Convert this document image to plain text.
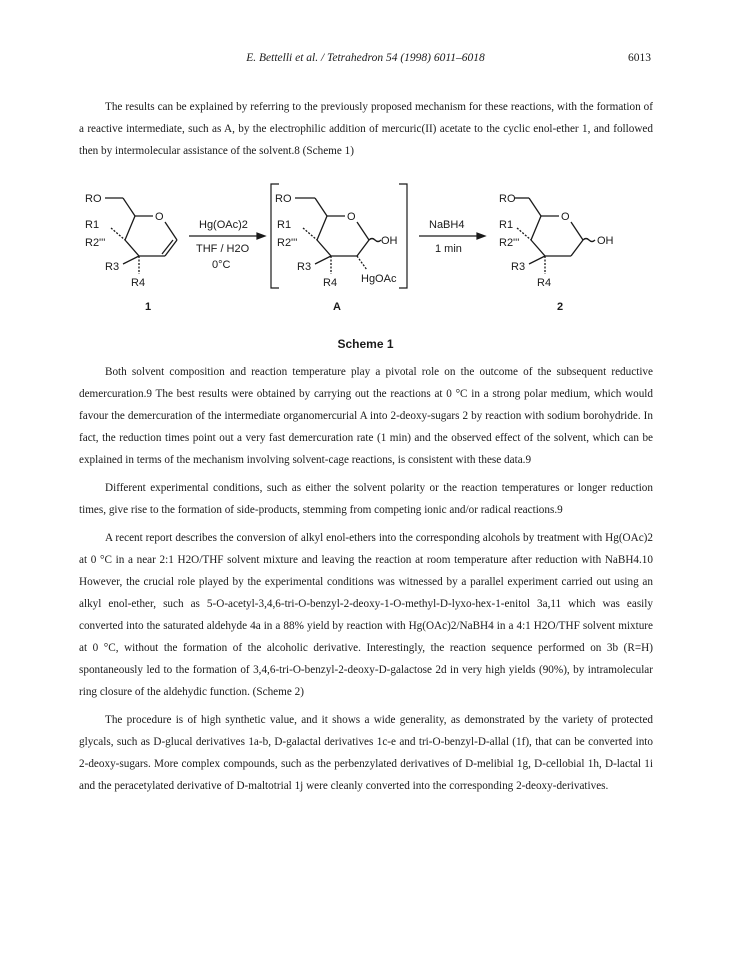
E. Bettelli et al. / Tetrahedron 54 (1998) 6011–6018	6013
The results can be explained by referring to the previously proposed mechanism for these reactions, with the formation of a reactive intermediate, such as A, by the electrophilic addition of mercuric(II) acetate to the cyclic enol-ether 1, and followed then by intermolecular assistance of the solvent.8 (Scheme 1)
RO
O
R1
R2'''
R3
R4
1
Hg(OAc)2
THF / H2O
0°C
RO
O
R1
R2'''
R3
R4
OH
HgOAc
A
NaBH4
1 min
RO
O
R1
R2'''
R3
R4
OH
2
Scheme 1

Both solvent composition and reaction temperature play a pivotal role on the outcome of the subsequent reductive demercuration.9 The best results were obtained by carrying out the reactions at 0 °C in a strong polar medium, which would favour the demercuration of the intermediate organomercurial A into 2-deoxy-sugars 2 by reaction with sodium borohydride. In fact, the reduction times point out a very fast demercuration rate (1 min) and the observed effect of the solvent, which can be explained in terms of the mechanism involving solvent-cage reactions, is consistent with these data.9

Different experimental conditions, such as either the solvent polarity or the reaction temperatures or longer reduction times, give rise to the formation of side-products, stemming from competing ionic and/or radical reactions.9

A recent report describes the conversion of alkyl enol-ethers into the corresponding alcohols by treatment with Hg(OAc)2 at 0 °C in a near 2:1 H2O/THF solvent mixture and leaving the reaction at room temperature after reduction with NaBH4.10 However, the crucial role played by the experimental conditions was witnessed by a parallel experiment carried out using an alkyl enol-ether, such as 5-O-acetyl-3,4,6-tri-O-benzyl-2-deoxy-1-O-methyl-D-lyxo-hex-1-enitol 3a,11 which was easily converted into the saturated aldehyde 4a in a 88% yield by reaction with Hg(OAc)2/NaBH4 in a 4:1 H2O/THF solvent mixture at 0 °C, without the formation of the alcoholic derivative. Interestingly, the reaction sequence performed on 3b (R=H) spontaneously led to the formation of 3,4,6-tri-O-benzyl-2-deoxy-D-galactose 2d in very high yields (90%), by intramolecular ring closure of the aldehydic function. (Scheme 2)

The procedure is of high synthetic value, and it shows a wide generality, as demonstrated by the variety of protected glycals, such as D-glucal derivatives 1a-b, D-galactal derivatives 1c-e and tri-O-benzyl-D-allal (1f), that can be converted into 2-deoxy-sugars. More complex compounds, such as the perbenzylated derivatives of D-melibial 1g, D-cellobial 1h, D-lactal 1i and the peracetylated derivative of D-maltotrial 1j were cleanly converted into the corresponding 2-deoxy-derivatives.
